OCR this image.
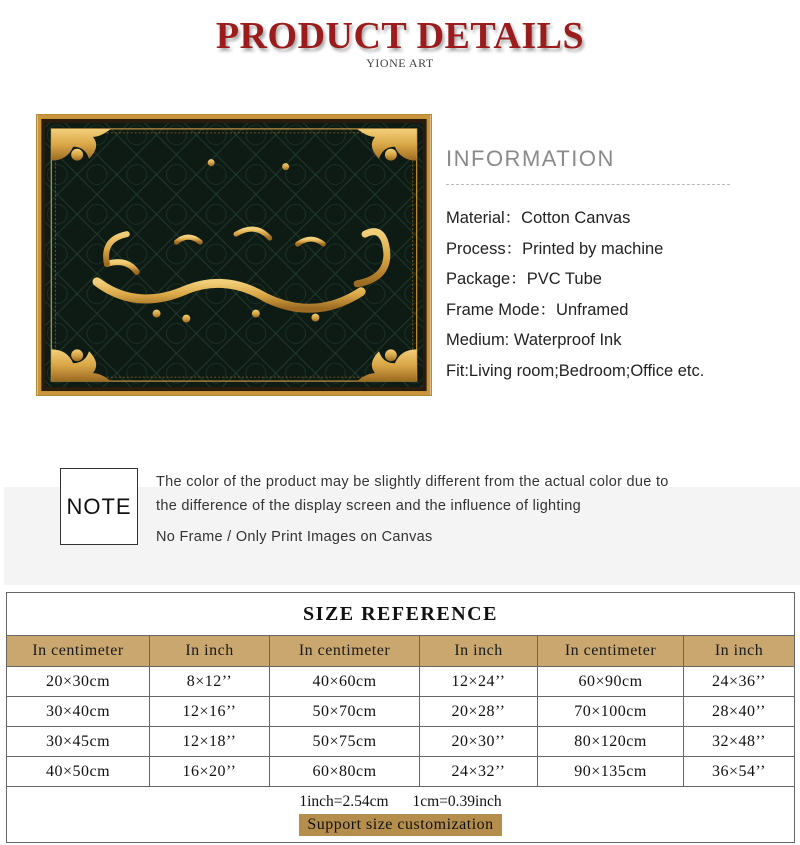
PRODUCT DETAILS
YIONE ART
INFORMATION
Material：Cotton Canvas
Process：Printed by machine
Package：PVC Tube
Frame Mode：Unframed
Medium: Waterproof Ink
Fit:Living room;Bedroom;Office etc.
NOTE
The color of the product may be slightly different from the actual color due to
the difference of the display screen and the influence of lighting
No Frame / Only Print Images on Canvas
SIZE REFERENCE					
In centimeter	In inch	In centimeter	In inch	In centimeter	In inch
20×30cm	8×12’’	40×60cm	12×24’’	60×90cm	24×36’’
30×40cm	12×16’’	50×70cm	20×28’’	70×100cm	28×40’’
30×45cm	12×18’’	50×75cm	20×30’’	80×120cm	32×48’’
40×50cm	16×20’’	60×80cm	24×32’’	90×135cm	36×54’’

1inch=2.54cm 1cm=0.39inch
Support size customization					
